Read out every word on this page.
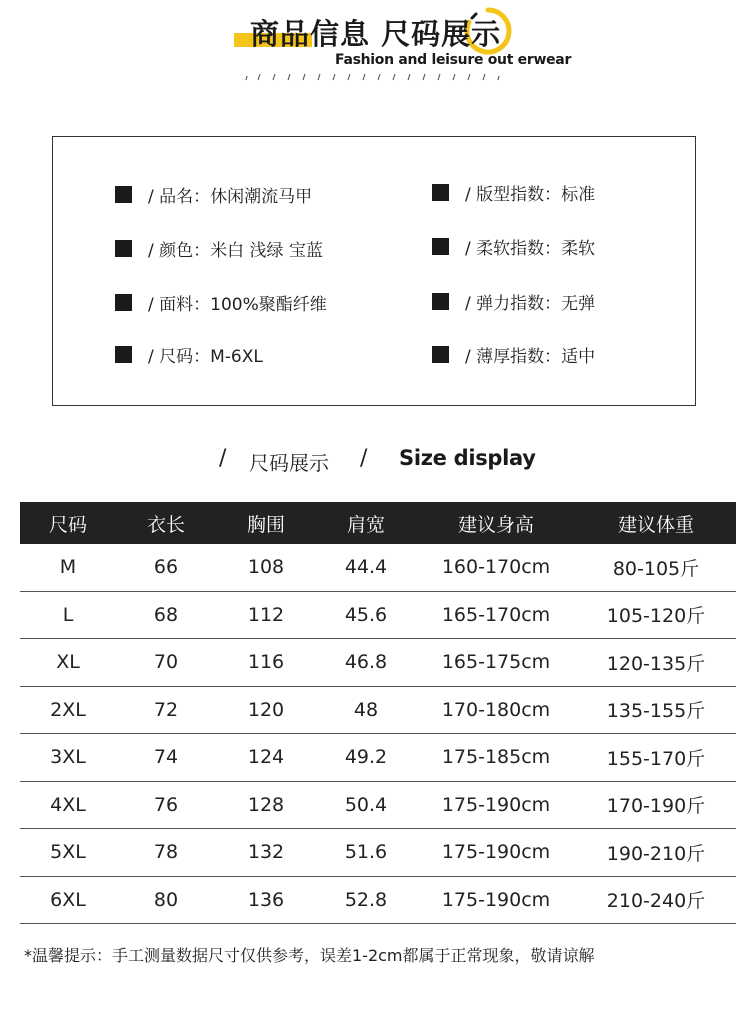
商品信息 尺码展示
Fashion and leisure out erwear
/ 品名：休闲潮流马甲
/ 颜色：米白 浅绿 宝蓝
/ 面料：100%聚酯纤维
/ 尺码：M-6XL
/ 版型指数：标准
/ 柔软指数：柔软
/ 弹力指数：无弹
/ 薄厚指数：适中
/ 尺码展示 / Size display
尺码	衣长	胸围	肩宽	建议身高	建议体重
M	66	108	44.4	160-170cm	80-105斤
L	68	112	45.6	165-170cm	105-120斤
XL	70	116	46.8	165-175cm	120-135斤
2XL	72	120	48	170-180cm	135-155斤
3XL	74	124	49.2	175-185cm	155-170斤
4XL	76	128	50.4	175-190cm	170-190斤
5XL	78	132	51.6	175-190cm	190-210斤
6XL	80	136	52.8	175-190cm	210-240斤
*温馨提示：手工测量数据尺寸仅供参考，误差1-2cm都属于正常现象，敬请谅解
